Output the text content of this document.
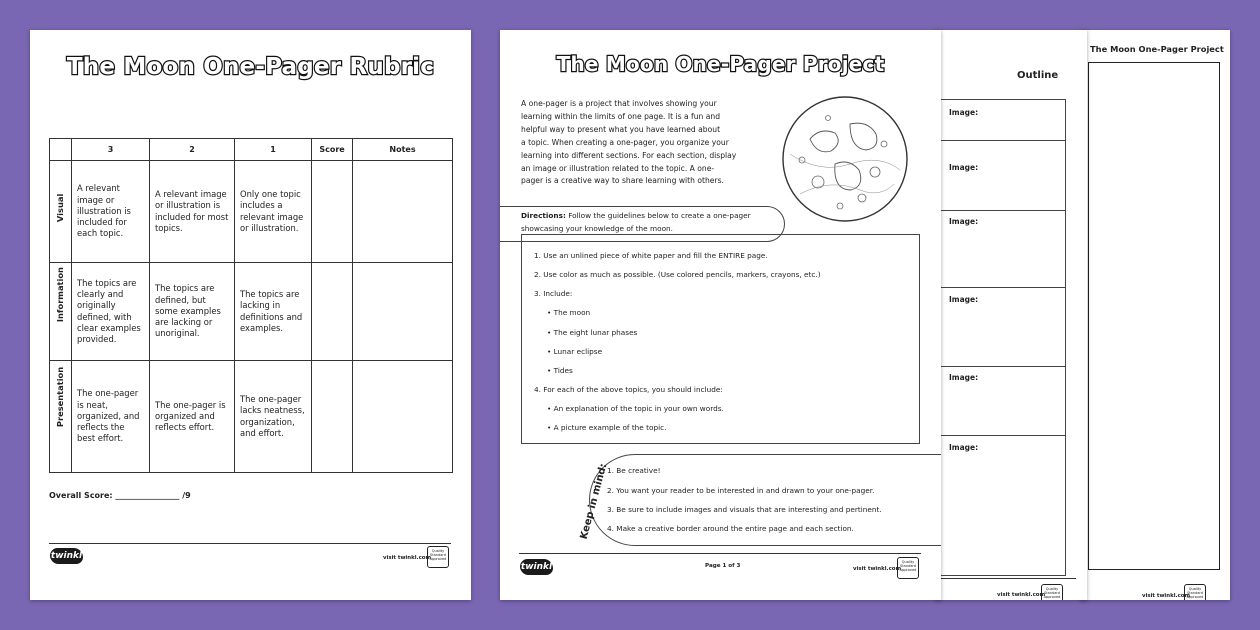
The Moon One-Pager Project
visit twinkl.com
Quality Standard Approved
Outline
Image:
Image:
Image:
Image:
Image:
Image:
visit twinkl.com
Quality Standard Approved
The Moon One-Pager Rubric
	3	2	1	Score	Notes

Visual	A relevant image or illustration is included for each topic.	A relevant image or illustration is included for most topics.	Only one topic includes a relevant image or illustration.		

Information	The topics are clearly and originally defined, with clear examples provided.	The topics are defined, but some examples are lacking or unoriginal.	The topics are lacking in definitions and examples.		

Presentation	The one-pager is neat, organized, and reflects the best effort.	The one-pager is organized and reflects effort.	The one-pager lacks neatness, organization, and effort.		
Overall Score: ________________ /9
twinkl	visit twinkl.com
Quality Standard Approved
The Moon One-Pager Project
A one-pager is a project that involves showing your
learning within the limits of one page. It is a fun and
helpful way to present what you have learned about
a topic. When creating a one-pager, you organize your
learning into different sections. For each section, display
an image or illustration related to the topic. A one-
pager is a creative way to share learning with others.
Directions: Follow the guidelines below to create a one-pager
showcasing your knowledge of the moon.
1. Use an unlined piece of white paper and fill the ENTIRE page.
2. Use color as much as possible. (Use colored pencils, markers, crayons, etc.)
3. Include:
• The moon
• The eight lunar phases
• Lunar eclipse
• Tides
4. For each of the above topics, you should include:
• An explanation of the topic in your own words.
• A picture example of the topic.
Keep in mind:
1. Be creative!
2. You want your reader to be interested in and drawn to your one-pager.
3. Be sure to include images and visuals that are interesting and pertinent.
4. Make a creative border around the entire page and each section.
twinkl	Page 1 of 3	visit twinkl.com
Quality Standard Approved
